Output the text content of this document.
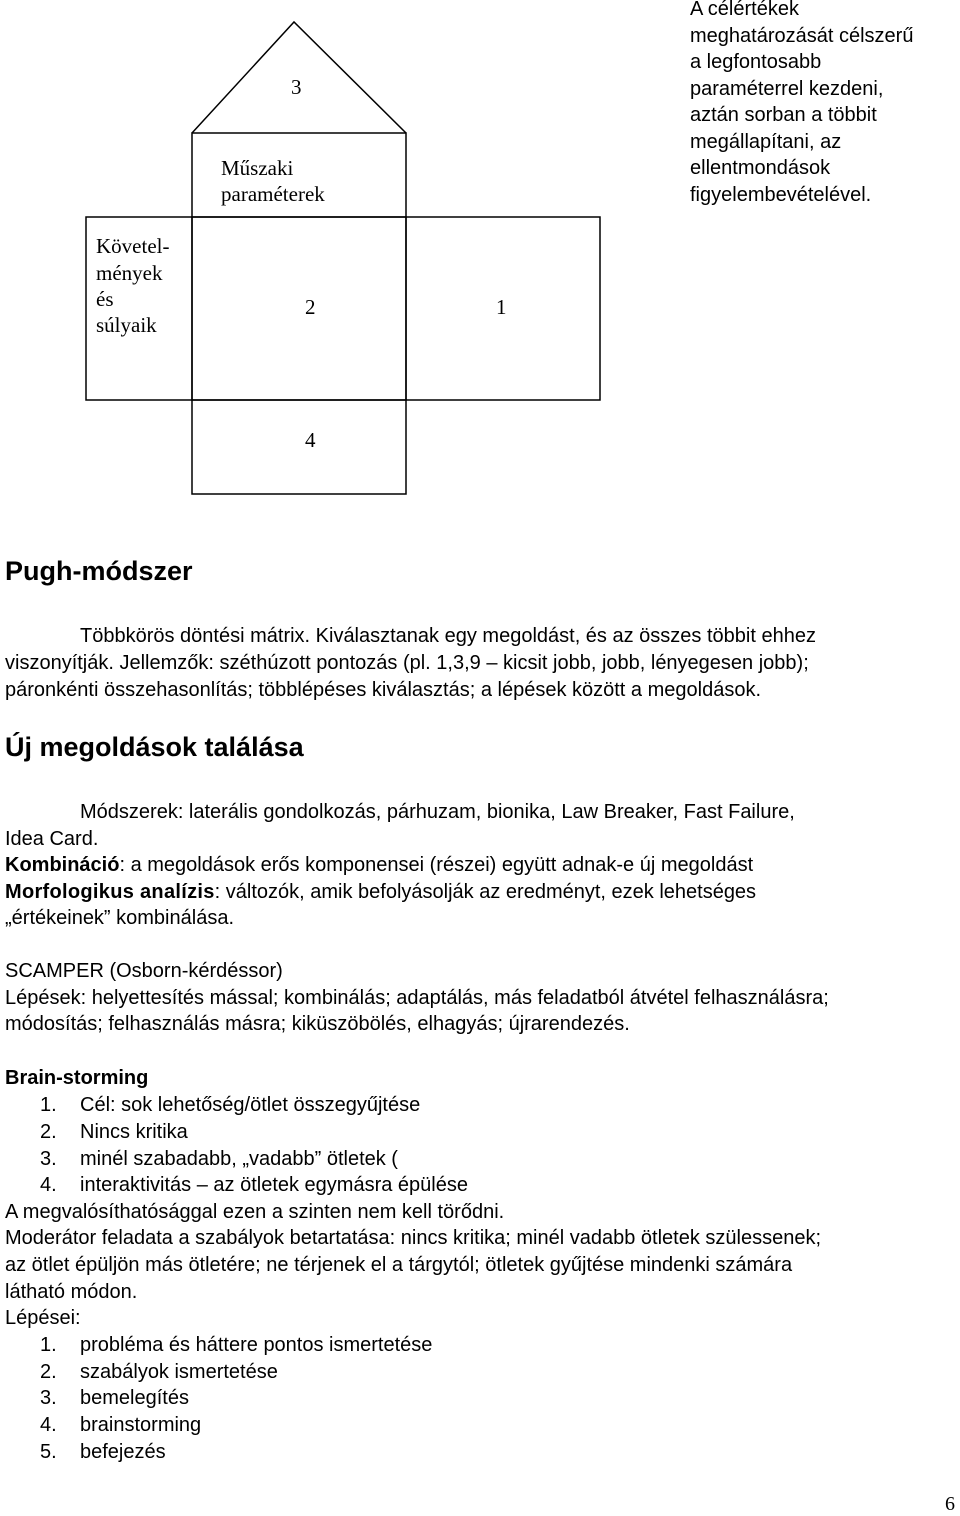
A célértékek
meghatározását célszerű
a legfontosabb
paraméterrel kezdeni,
aztán sorban a többit
megállapítani, az
ellentmondások
figyelembevételével.
3
Műszaki
paraméterek
Követel-
mények
és
súlyaik
2	1
4
Pugh-módszer
Többkörös döntési mátrix. Kiválasztanak egy megoldást, és az összes többit ehhez
viszonyítják. Jellemzők: széthúzott pontozás (pl. 1,3,9 – kicsit jobb, jobb, lényegesen jobb);
páronkénti összehasonlítás; többlépéses kiválasztás; a lépések között a megoldások.
Új megoldások találása
Módszerek: laterális gondolkozás, párhuzam, bionika, Law Breaker, Fast Failure,
Idea Card.
Kombináció: a megoldások erős komponensei (részei) együtt adnak-e új megoldást
Morfologikus analízis: változók, amik befolyásolják az eredményt, ezek lehetséges
„értékeinek” kombinálása.
SCAMPER (Osborn-kérdéssor)
Lépések: helyettesítés mással; kombinálás; adaptálás, más feladatból átvétel felhasználásra;
módosítás; felhasználás másra; kiküszöbölés, elhagyás; újrarendezés.
Brain-storming
1. Cél: sok lehetőség/ötlet összegyűjtése
2. Nincs kritika
3. minél szabadabb, „vadabb” ötletek (
4. interaktivitás – az ötletek egymásra épülése
A megvalósíthatósággal ezen a szinten nem kell törődni.
Moderátor feladata a szabályok betartatása: nincs kritika; minél vadabb ötletek szülessenek;
az ötlet épüljön más ötletére; ne térjenek el a tárgytól; ötletek gyűjtése mindenki számára
látható módon.
Lépései:
1. probléma és háttere pontos ismertetése
2. szabályok ismertetése
3. bemelegítés
4. brainstorming
5. befejezés
6
